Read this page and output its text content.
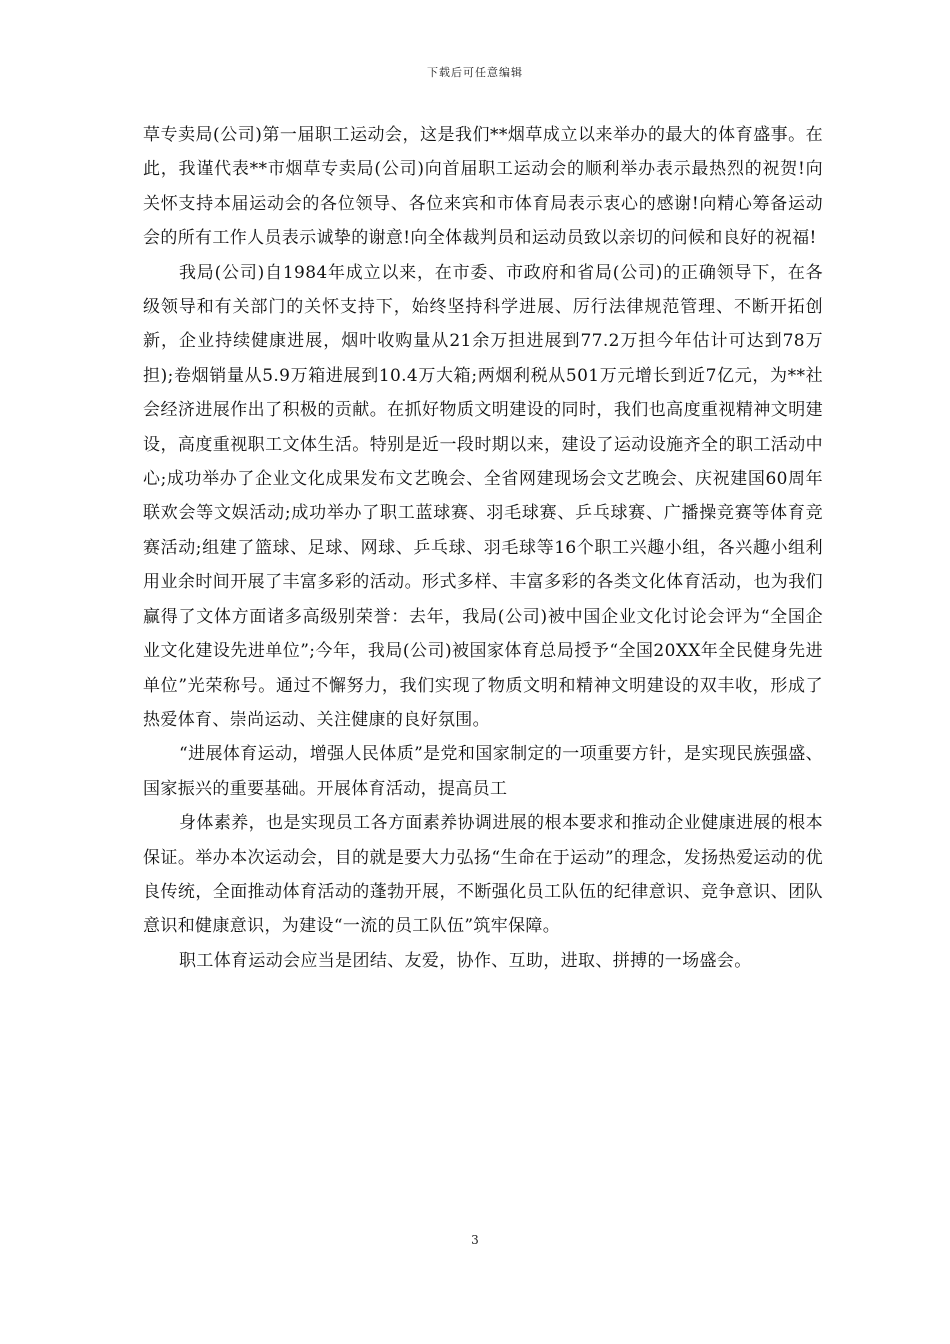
下载后可任意编辑

草专卖局(公司)第一届职工运动会，这是我们**烟草成立以来举办的最大的体育盛事。在此，我谨代表**市烟草专卖局(公司)向首届职工运动会的顺利举办表示最热烈的祝贺!向关怀支持本届运动会的各位领导、各位来宾和市体育局表示衷心的感谢!向精心筹备运动会的所有工作人员表示诚挚的谢意!向全体裁判员和运动员致以亲切的问候和良好的祝福!

我局(公司)自1984年成立以来，在市委、市政府和省局(公司)的正确领导下，在各级领导和有关部门的关怀支持下，始终坚持科学进展、厉行法律规范管理、不断开拓创新，企业持续健康进展，烟叶收购量从21余万担进展到77.2万担今年估计可达到78万担);卷烟销量从5.9万箱进展到10.4万大箱;两烟利税从501万元增长到近7亿元，为**社会经济进展作出了积极的贡献。在抓好物质文明建设的同时，我们也高度重视精神文明建设，高度重视职工文体生活。特别是近一段时期以来，建设了运动设施齐全的职工活动中心;成功举办了企业文化成果发布文艺晚会、全省网建现场会文艺晚会、庆祝建国60周年联欢会等文娱活动;成功举办了职工蓝球赛、羽毛球赛、乒乓球赛、广播操竞赛等体育竞赛活动;组建了篮球、足球、网球、乒乓球、羽毛球等16个职工兴趣小组，各兴趣小组利用业余时间开展了丰富多彩的活动。形式多样、丰富多彩的各类文化体育活动，也为我们赢得了文体方面诸多高级别荣誉：去年，我局(公司)被中国企业文化讨论会评为“全国企业文化建设先进单位”;今年，我局(公司)被国家体育总局授予“全国20XX年全民健身先进单位”光荣称号。通过不懈努力，我们实现了物质文明和精神文明建设的双丰收，形成了热爱体育、崇尚运动、关注健康的良好氛围。

“进展体育运动，增强人民体质”是党和国家制定的一项重要方针，是实现民族强盛、国家振兴的重要基础。开展体育活动，提高员工

身体素养，也是实现员工各方面素养协调进展的根本要求和推动企业健康进展的根本保证。举办本次运动会，目的就是要大力弘扬“生命在于运动”的理念，发扬热爱运动的优良传统，全面推动体育活动的蓬勃开展，不断强化员工队伍的纪律意识、竞争意识、团队意识和健康意识，为建设“一流的员工队伍”筑牢保障。

职工体育运动会应当是团结、友爱，协作、互助，进取、拼搏的一场盛会。

3
